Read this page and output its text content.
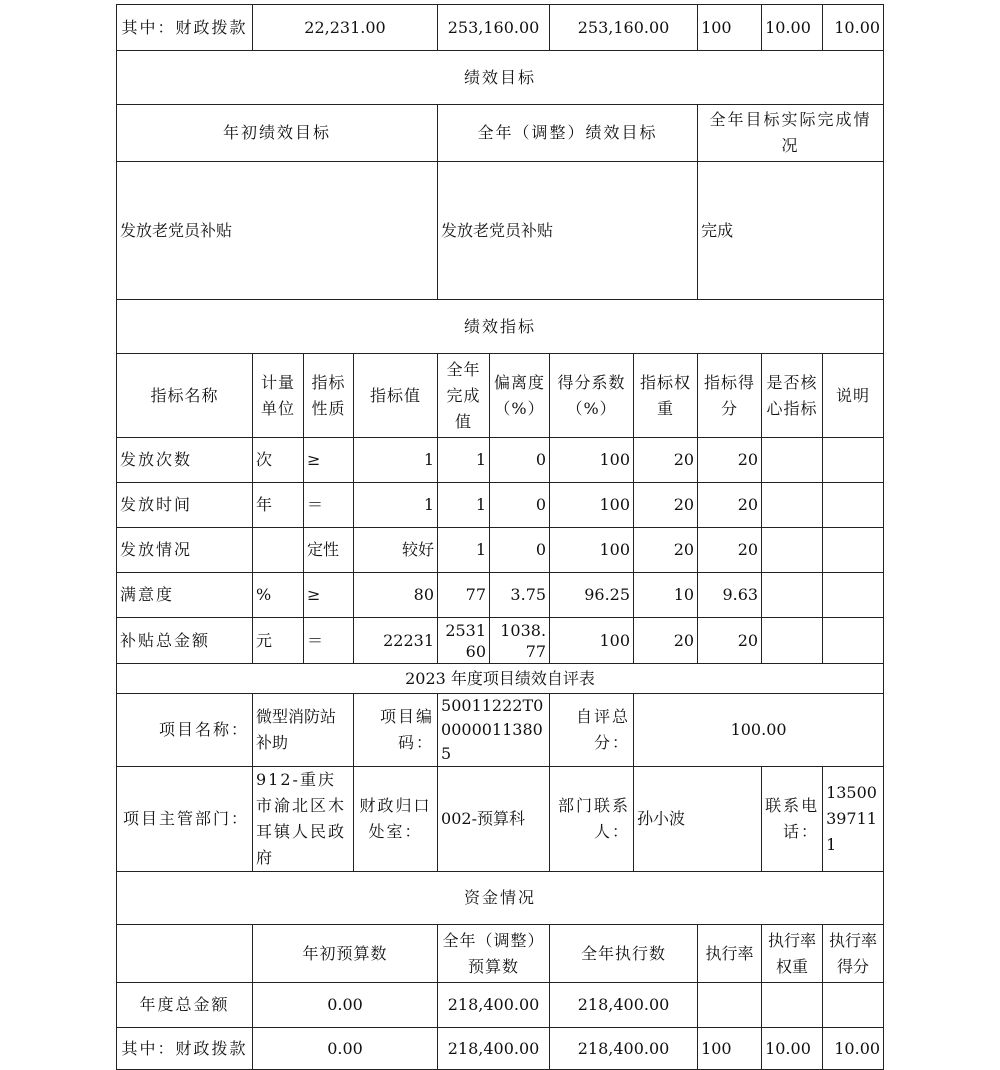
其中：财政拨款	22,231.00			253,160.00		253,160.00		100	10.00	10.00
绩效目标										
年初绩效目标				全年（调整）绩效目标				全年目标实际完成情况		
发放老党员补贴				发放老党员补贴				完成		
绩效指标										
指标名称	计量单位	指标性质	指标值	全年完成值	偏离度（%）	得分系数（%）	指标权重	指标得分	是否核心指标	说明
发放次数	次	≥	1	1	0	100	20	20		
发放时间	年	＝	1	1	0	100	20	20		
发放情况		定性	较好	1	0	100	20	20		
满意度	%	≥	80	77	3.75	96.25	10	9.63		
补贴总金额	元	＝	22231	253160	1038.77	100	20	20		
2023 年度项目绩效自评表										
项目名称：	微型消防站补助		项目编码：	50011222T000000113805		自评总分：	100.00			
项目主管部门：	912-重庆市渝北区木耳镇人民政府		财政归口处室：	002-预算科		部门联系人：	孙小波		联系电话：	13500397111
资金情况										
	年初预算数			全年（调整）预算数		全年执行数		执行率	执行率权重	执行率得分
年度总金额	0.00			218,400.00		218,400.00				
其中：财政拨款	0.00			218,400.00		218,400.00		100	10.00	10.00
